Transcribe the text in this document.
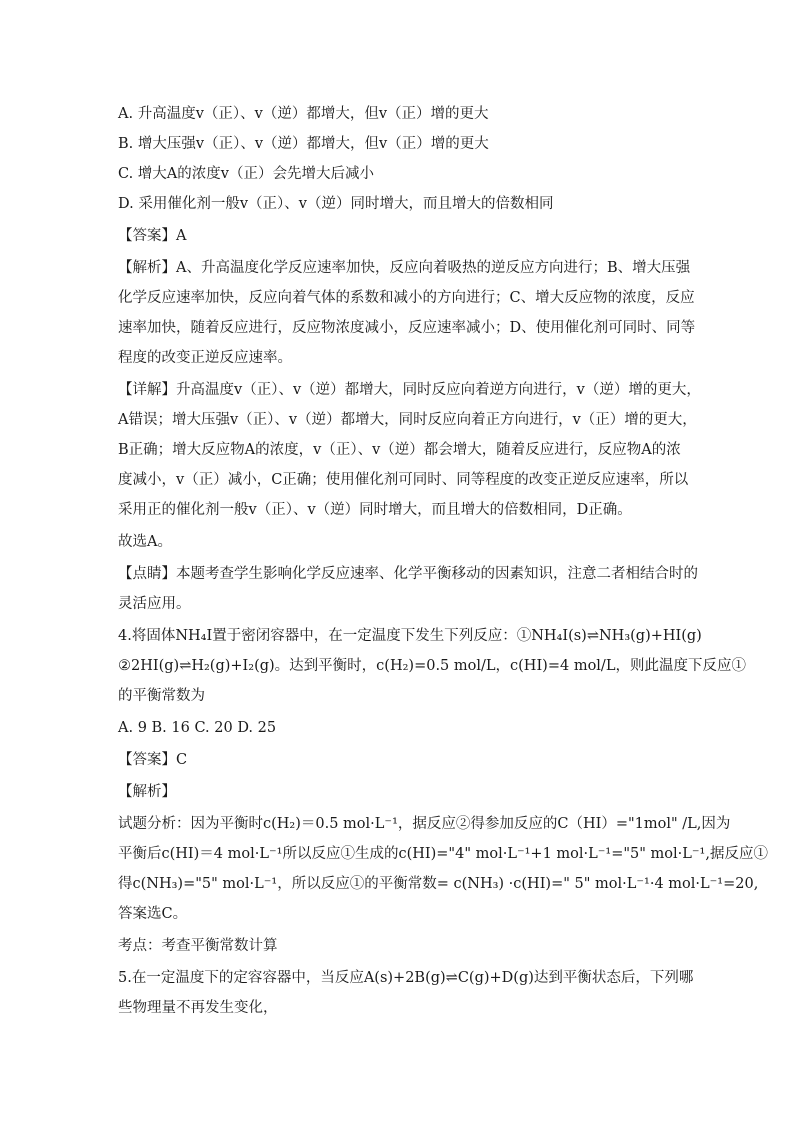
A. 升高温度v（正）、v（逆）都增大，但v（正）增的更大
B. 增大压强v（正）、v（逆）都增大，但v（正）增的更大
C. 增大A的浓度v（正）会先增大后减小
D. 采用催化剂一般v（正）、v（逆）同时增大，而且增大的倍数相同
【答案】A
【解析】A、升高温度化学反应速率加快，反应向着吸热的逆反应方向进行；B、增大压强
化学反应速率加快，反应向着气体的系数和减小的方向进行；C、增大反应物的浓度，反应
速率加快，随着反应进行，反应物浓度减小，反应速率减小；D、使用催化剂可同时、同等
程度的改变正逆反应速率。
【详解】升高温度v（正）、v（逆）都增大，同时反应向着逆方向进行，v（逆）增的更大，
A错误；增大压强v（正）、v（逆）都增大，同时反应向着正方向进行，v（正）增的更大，
B正确；增大反应物A的浓度，v（正）、v（逆）都会增大，随着反应进行，反应物A的浓
度减小，v（正）减小，C正确；使用催化剂可同时、同等程度的改变正逆反应速率，所以
采用正的催化剂一般v（正）、v（逆）同时增大，而且增大的倍数相同，D正确。
故选A。
【点睛】本题考查学生影响化学反应速率、化学平衡移动的因素知识，注意二者相结合时的
灵活应用。
4.将固体NH₄I置于密闭容器中，在一定温度下发生下列反应：①NH₄I(s)⇌NH₃(g)+HI(g)
②2HI(g)⇌H₂(g)+I₂(g)。达到平衡时，c(H₂)=0.5 mol/L，c(HI)=4 mol/L，则此温度下反应①
的平衡常数为
A. 9 B. 16 C. 20 D. 25
【答案】C
【解析】
试题分析：因为平衡时c(H₂)＝0.5 mol·L⁻¹，据反应②得参加反应的C（HI）="1mol" /L,因为
平衡后c(HI)＝4 mol·L⁻¹所以反应①生成的c(HI)="4" mol·L⁻¹+1 mol·L⁻¹="5" mol·L⁻¹,据反应①
得c(NH₃)="5" mol·L⁻¹，所以反应①的平衡常数= c(NH₃) ·c(HI)=" 5" mol·L⁻¹·4 mol·L⁻¹=20,
答案选C。
考点：考查平衡常数计算
5.在一定温度下的定容容器中，当反应A(s)+2B(g)⇌C(g)+D(g)达到平衡状态后，下列哪
些物理量不再发生变化，
